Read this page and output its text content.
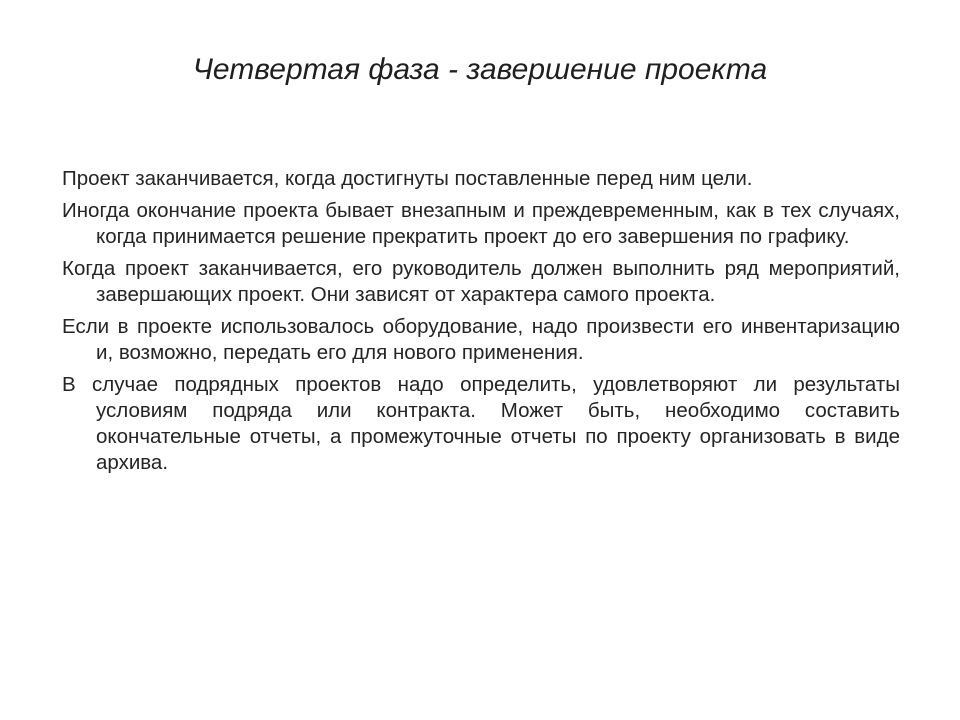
Четвертая фаза - завершение проекта

Проект заканчивается, когда достигнуты поставленные перед ним цели.

Иногда окончание проекта бывает внезапным и преждевременным, как в тех случаях, когда принимается решение прекратить проект до его завершения по графику.

Когда проект заканчивается, его руководитель должен выполнить ряд мероприятий, завершающих проект. Они зависят от характера самого проекта.

Если в проекте использовалось оборудование, надо произвести его инвентаризацию и, возможно, передать его для нового применения.

В случае подрядных проектов надо определить, удовлетворяют ли результаты условиям подряда или контракта. Может быть, необходимо составить окончательные отчеты, а промежуточные отчеты по проекту организовать в виде архива.
